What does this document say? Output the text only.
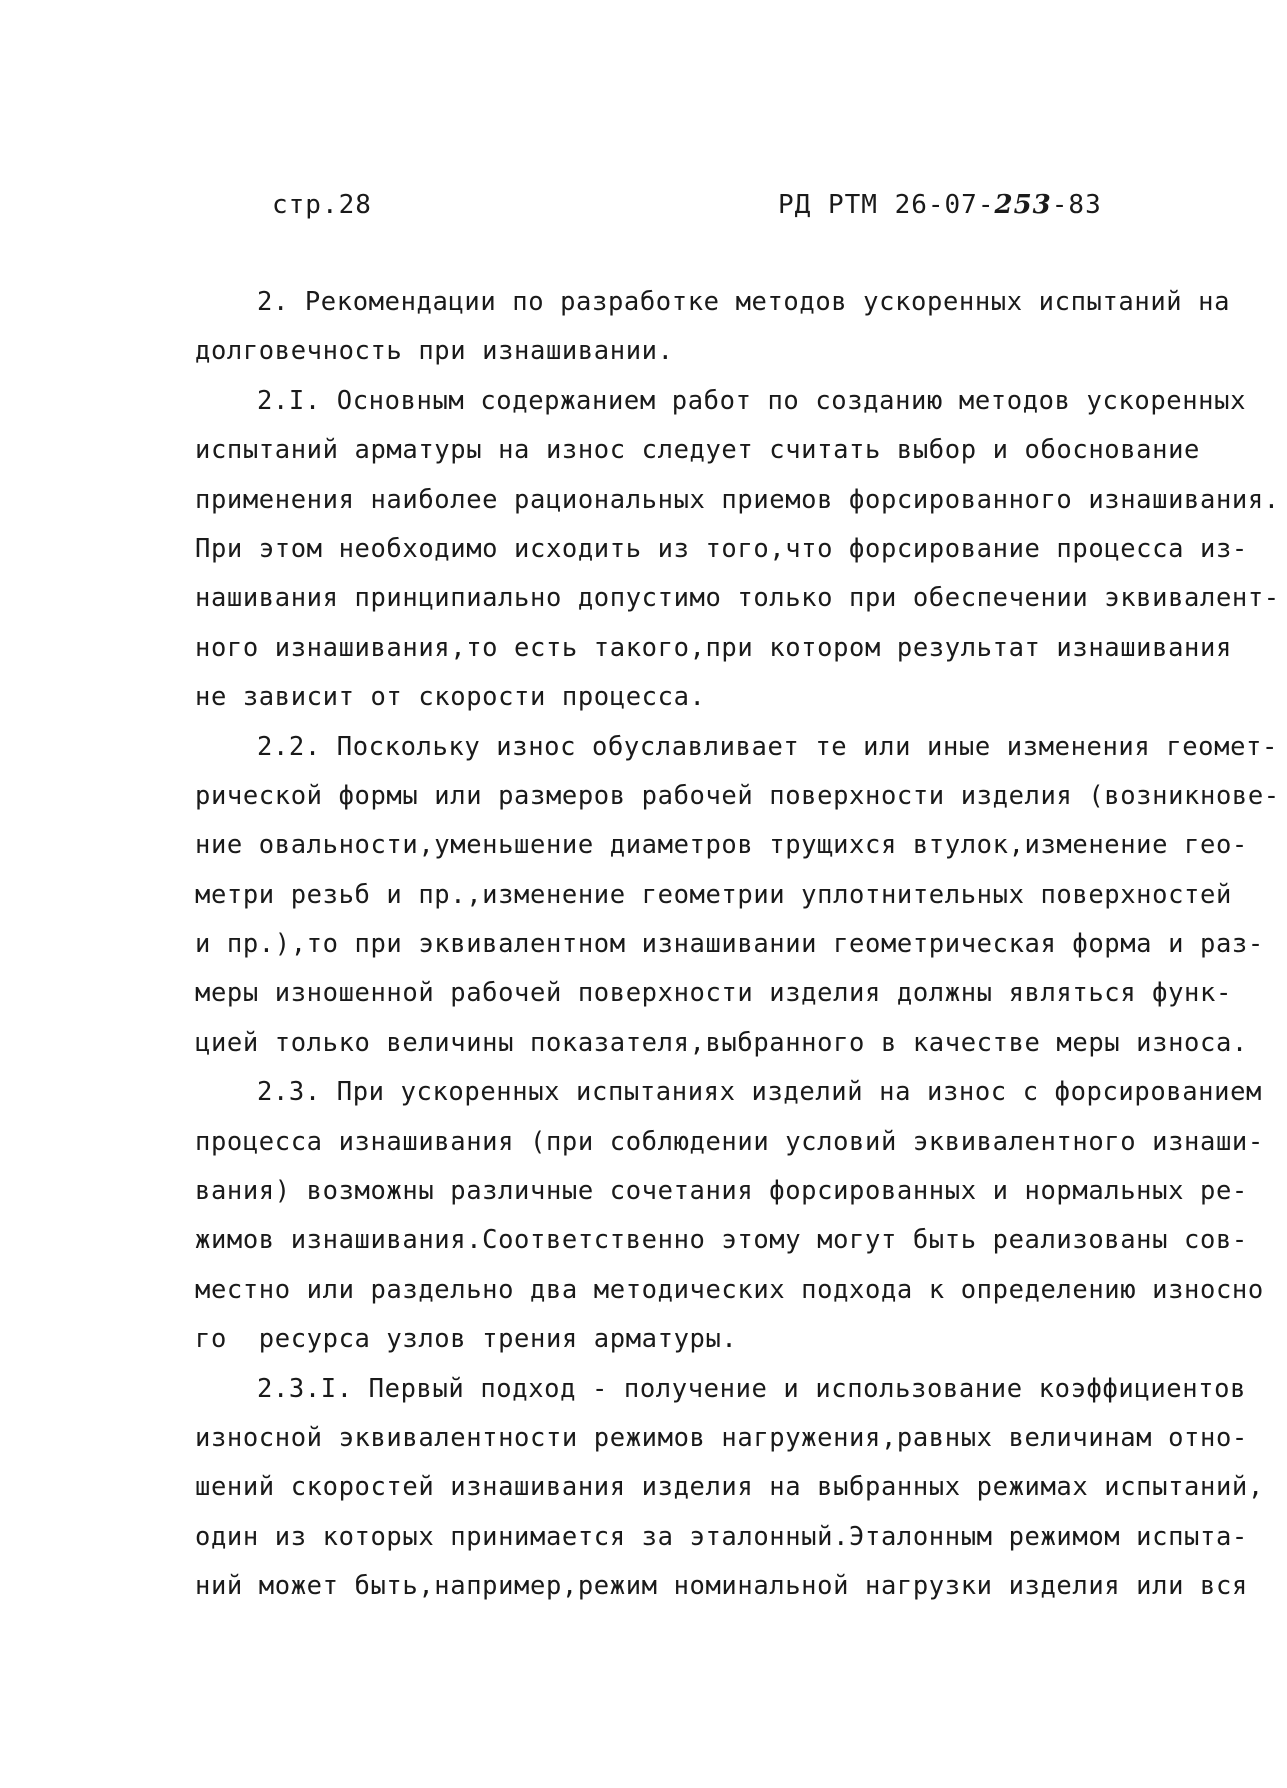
стр.28	РД РТМ 26-07-253-83
2. Рекомендации по разработке методов ускоренных испытаний на
долговечность при изнашивании.
2.I. Основным содержанием работ по созданию методов ускоренных
испытаний арматуры на износ следует считать выбор и обоснование
применения наиболее рациональных приемов форсированного изнашивания.
При этом необходимо исходить из того,что форсирование процесса из-
нашивания принципиально допустимо только при обеспечении эквивалент-
ного изнашивания,то есть такого,при котором результат изнашивания
не зависит от скорости процесса.
2.2. Поскольку износ обуславливает те или иные изменения геомет-
рической формы или размеров рабочей поверхности изделия (возникнове-
ние овальности,уменьшение диаметров трущихся втулок,изменение гео-
метри резьб и пр.,изменение геометрии уплотнительных поверхностей
и пр.),то при эквивалентном изнашивании геометрическая форма и раз-
меры изношенной рабочей поверхности изделия должны являться функ-
цией только величины показателя,выбранного в качестве меры износа.
2.3. При ускоренных испытаниях изделий на износ с форсированием
процесса изнашивания (при соблюдении условий эквивалентного изнаши-
вания) возможны различные сочетания форсированных и нормальных ре-
жимов изнашивания.Соответственно этому могут быть реализованы сов-
местно или раздельно два методических подхода к определению износно
го  ресурса узлов трения арматуры.
2.3.I. Первый подход - получение и использование коэффициентов
износной эквивалентности режимов нагружения,равных величинам отно-
шений скоростей изнашивания изделия на выбранных режимах испытаний,
один из которых принимается за эталонный.Эталонным режимом испыта-
ний может быть,например,режим номинальной нагрузки изделия или вся
